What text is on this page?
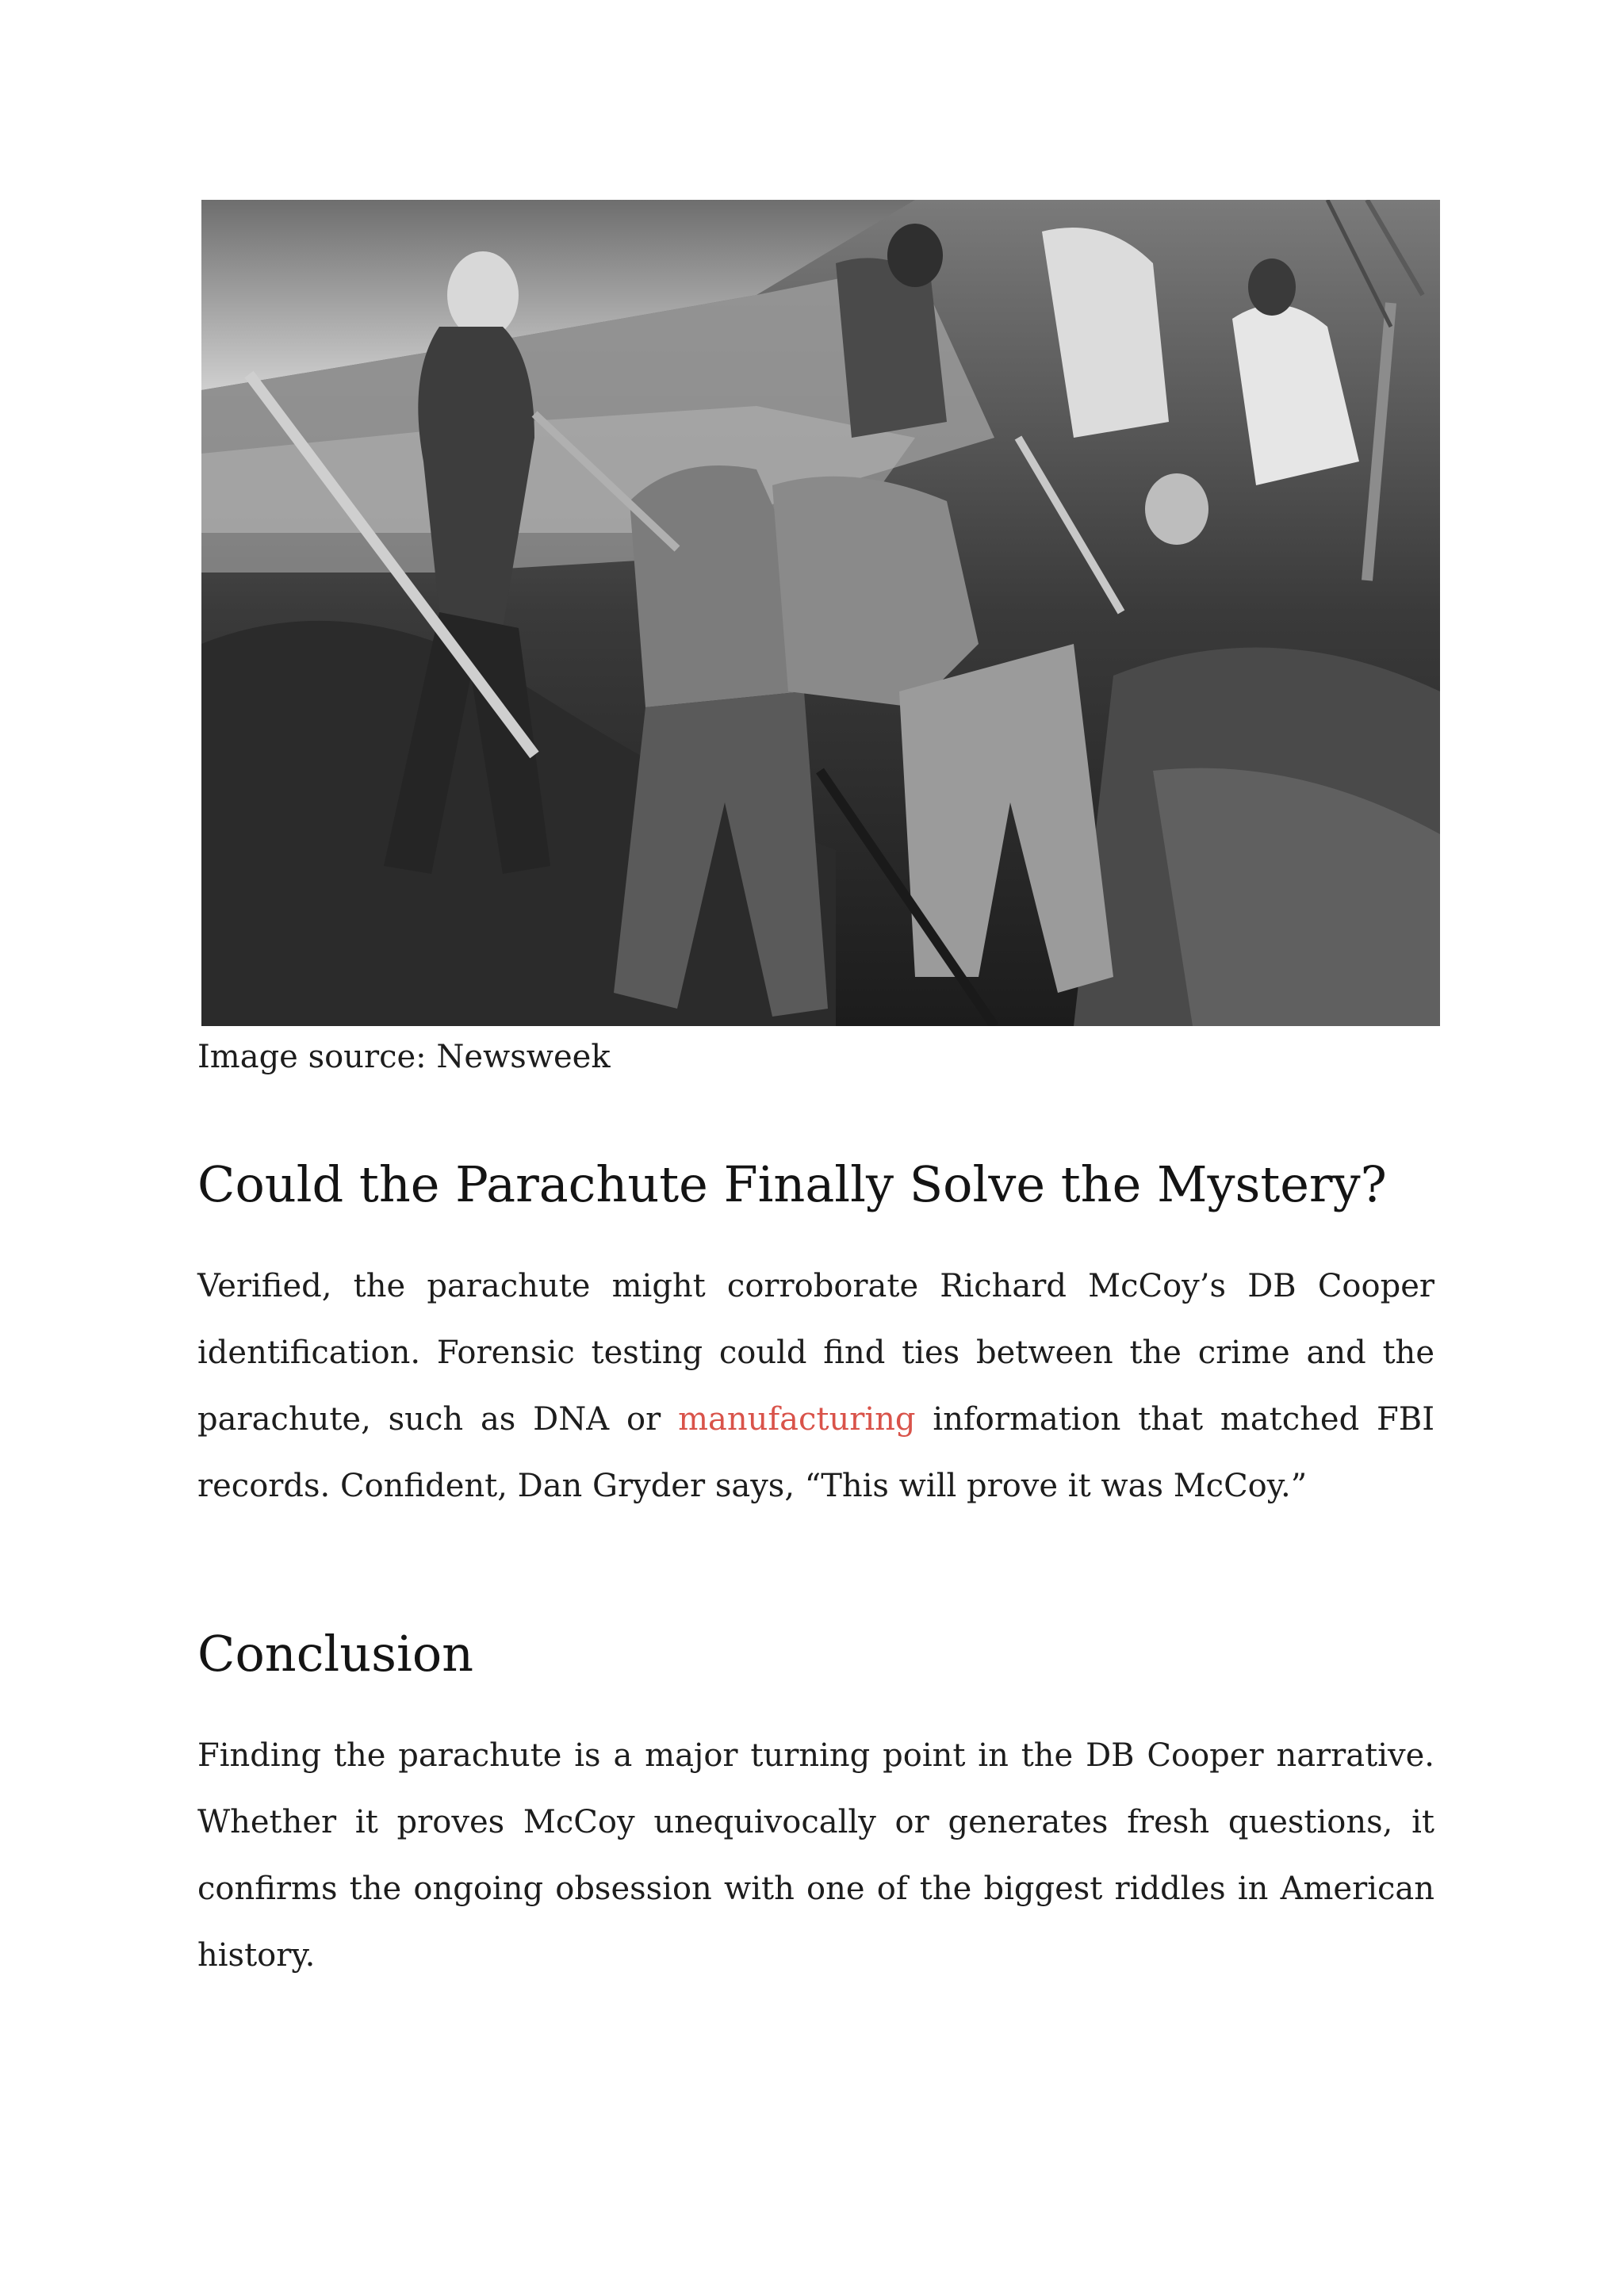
Image source: Newsweek
Could the Parachute Finally Solve the Mystery?

Verified, the parachute might corroborate Richard McCoy’s DB Cooper identification. Forensic testing could find ties between the crime and the parachute, such as DNA or manufacturing information that matched FBI records. Confident, Dan Gryder says, “This will prove it was McCoy.”

Conclusion

Finding the parachute is a major turning point in the DB Cooper narrative. Whether it proves McCoy unequivocally or generates fresh questions, it confirms the ongoing obsession with one of the biggest riddles in American history.
